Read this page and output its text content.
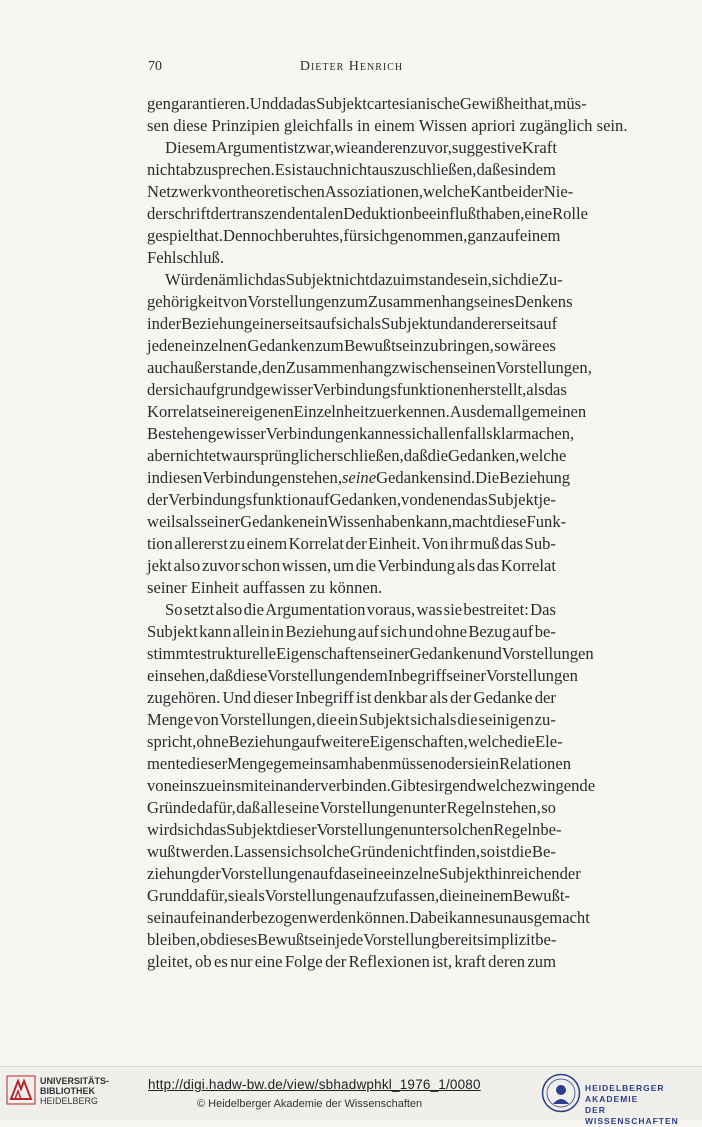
70	Dieter Henrich
gen garantieren. Und da das Subjekt cartesianische Gewißheit hat, müs-
sen diese Prinzipien gleichfalls in einem Wissen apriori zugänglich sein.
Diesem Argument ist zwar, wie anderen zuvor, suggestive Kraft
nicht abzusprechen. Es ist auch nicht auszuschließen, daß es in dem
Netzwerk von theoretischen Assoziationen, welche Kant bei der Nie-
derschrift der transzendentalen Deduktion beeinflußt haben, eine Rolle
gespielt hat. Dennoch beruht es, für sich genommen, ganz auf einem
Fehlschluß.
Würde nämlich das Subjekt nicht dazu imstande sein, sich die Zu-
gehörigkeit von Vorstellungen zum Zusammenhang seines Denkens
in der Beziehung einerseits auf sich als Subjekt und andererseits auf
jeden einzelnen Gedanken zum Bewußtsein zu bringen, so wäre es
auch außerstande, den Zusammenhang zwischen seinen Vorstellungen,
der sich aufgrund gewisser Verbindungsfunktionen herstellt, als das
Korrelat seiner eigenen Einzelnheit zu erkennen. Aus dem allgemeinen
Bestehen gewisser Verbindungen kann es sich allenfalls klarmachen,
aber nicht etwa ursprünglich erschließen, daß die Gedanken, welche
in diesen Verbindungen stehen, seine Gedanken sind. Die Beziehung
der Verbindungsfunktion auf Gedanken, von denen das Subjekt je-
weils als seiner Gedanken ein Wissen haben kann, macht diese Funk-
tion allererst zu einem Korrelat der Einheit. Von ihr muß das Sub-
jekt also zuvor schon wissen, um die Verbindung als das Korrelat
seiner Einheit auffassen zu können.
So setzt also die Argumentation voraus, was sie bestreitet: Das
Subjekt kann allein in Beziehung auf sich und ohne Bezug auf be-
stimmte strukturelle Eigenschaften seiner Gedanken und Vorstellungen
einsehen, daß diese Vorstellungen dem Inbegriff seiner Vorstellungen
zugehören. Und dieser Inbegriff ist denkbar als der Gedanke der
Menge von Vorstellungen, die ein Subjekt sich als die seinigen zu-
spricht, ohne Beziehung auf weitere Eigenschaften, welche die Ele-
mente dieser Menge gemeinsam haben müssen oder sie in Relationen
von eins zu eins miteinander verbinden. Gibt es irgendwelche zwingende
Gründe dafür, daß alle seine Vorstellungen unter Regeln stehen, so
wird sich das Subjekt dieser Vorstellungen unter solchen Regeln be-
wußt werden. Lassen sich solche Gründe nicht finden, so ist die Be-
ziehung der Vorstellungen auf das eine einzelne Subjekt hinreichender
Grund dafür, sie als Vorstellungen aufzufassen, die in einem Bewußt-
sein aufeinander bezogen werden können. Dabei kann es unausgemacht
bleiben, ob dieses Bewußtsein jede Vorstellung bereits implizit be-
gleitet, ob es nur eine Folge der Reflexionen ist, kraft deren zum
UNIVERSITÄTS-
BIBLIOTHEK
HEIDELBERG
http://digi.hadw-bw.de/view/sbhadwphkl_1976_1/0080
© Heidelberger Akademie der Wissenschaften
HEIDELBERGER AKADEMIE
DER WISSENSCHAFTEN
